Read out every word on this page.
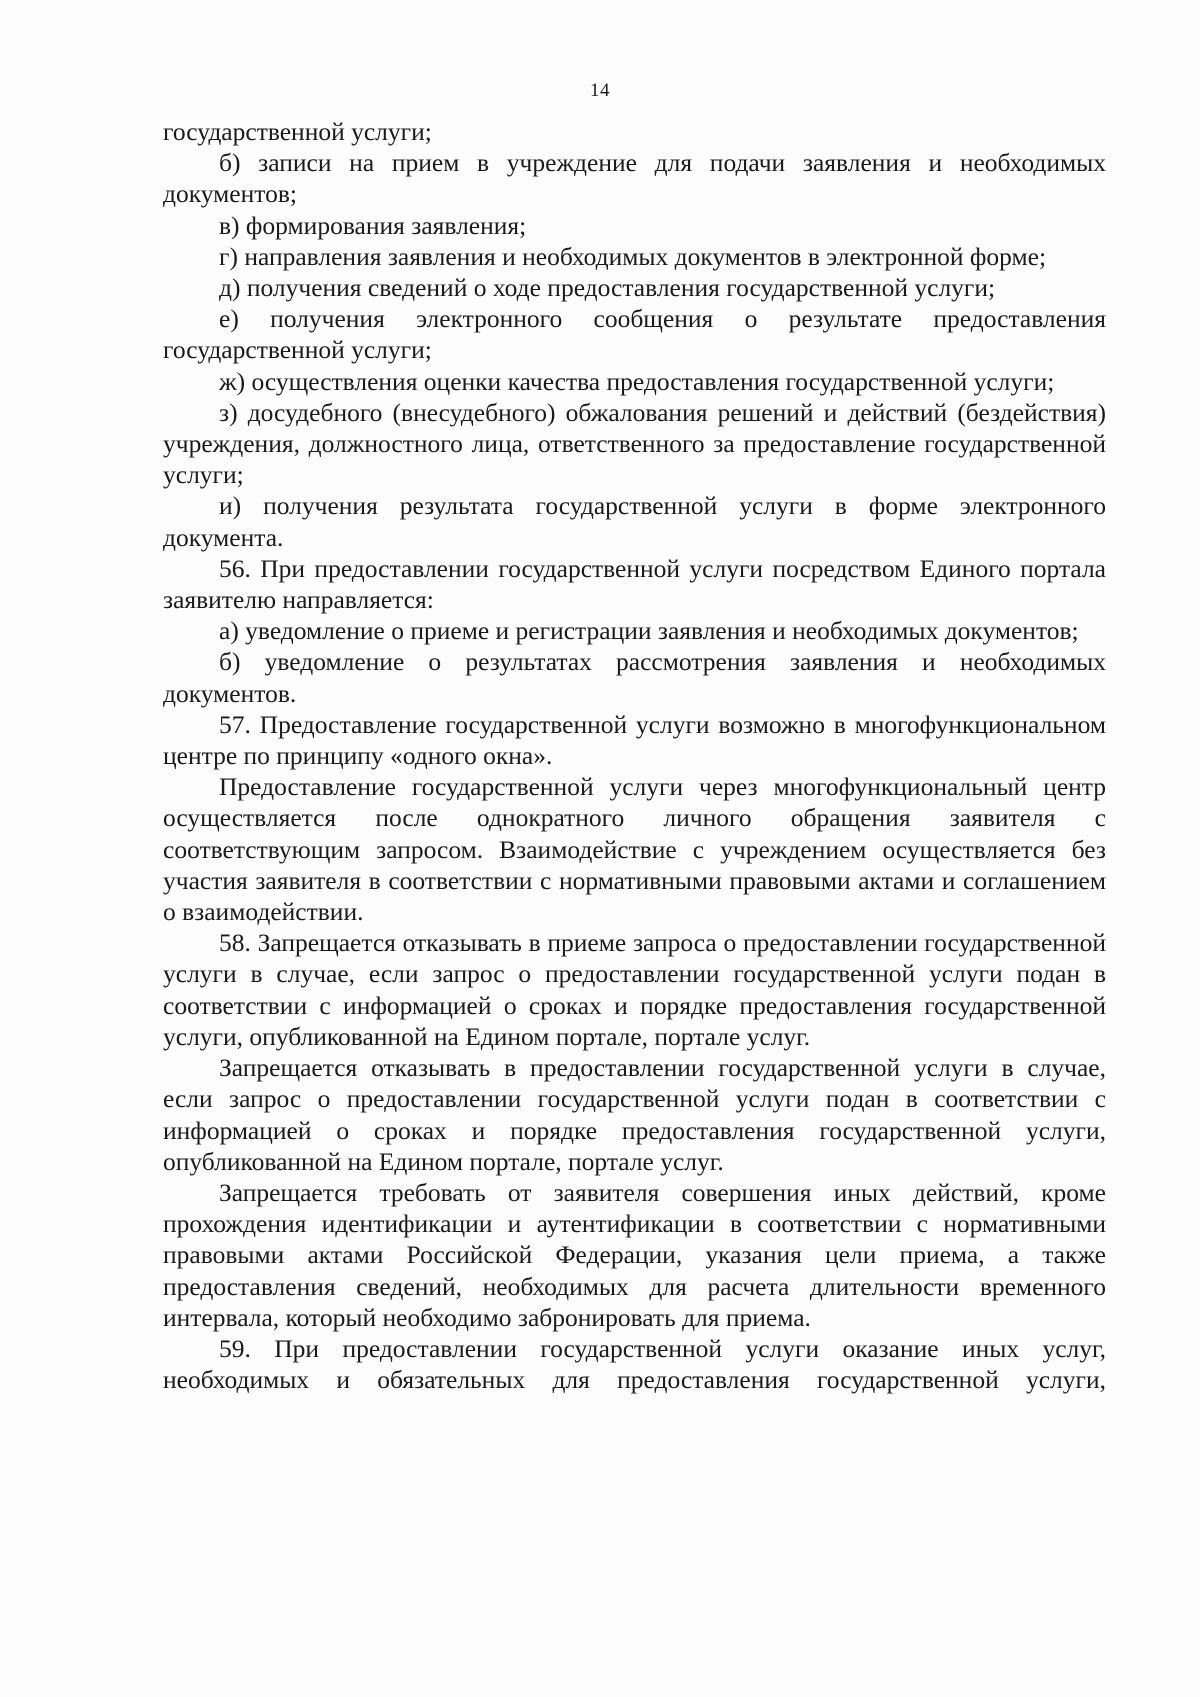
14

государственной услуги;

б) записи на прием в учреждение для подачи заявления и необходимых документов;

в) формирования заявления;

г) направления заявления и необходимых документов в электронной форме;

д) получения сведений о ходе предоставления государственной услуги;

е) получения электронного сообщения о результате предоставления государственной услуги;

ж) осуществления оценки качества предоставления государственной услуги;

з) досудебного (внесудебного) обжалования решений и действий (бездействия) учреждения, должностного лица, ответственного за предоставление государственной услуги;

и) получения результата государственной услуги в форме электронного документа.

56. При предоставлении государственной услуги посредством Единого портала заявителю направляется:

а) уведомление о приеме и регистрации заявления и необходимых документов;

б) уведомление о результатах рассмотрения заявления и необходимых документов.

57. Предоставление государственной услуги возможно в многофункциональном центре по принципу «одного окна».

Предоставление государственной услуги через многофункциональный центр осуществляется после однократного личного обращения заявителя с соответствующим запросом. Взаимодействие с учреждением осуществляется без участия заявителя в соответствии с нормативными правовыми актами и соглашением о взаимодействии.

58. Запрещается отказывать в приеме запроса о предоставлении государственной услуги в случае, если запрос о предоставлении государственной услуги подан в соответствии с информацией о сроках и порядке предоставления государственной услуги, опубликованной на Едином портале, портале услуг.

Запрещается отказывать в предоставлении государственной услуги в случае, если запрос о предоставлении государственной услуги подан в соответствии с информацией о сроках и порядке предоставления государственной услуги, опубликованной на Едином портале, портале услуг.

Запрещается требовать от заявителя совершения иных действий, кроме прохождения идентификации и аутентификации в соответствии с нормативными правовыми актами Российской Федерации, указания цели приема, а также предоставления сведений, необходимых для расчета длительности временного интервала, который необходимо забронировать для приема.

59. При предоставлении государственной услуги оказание иных услуг, необходимых и обязательных для предоставления государственной услуги,
